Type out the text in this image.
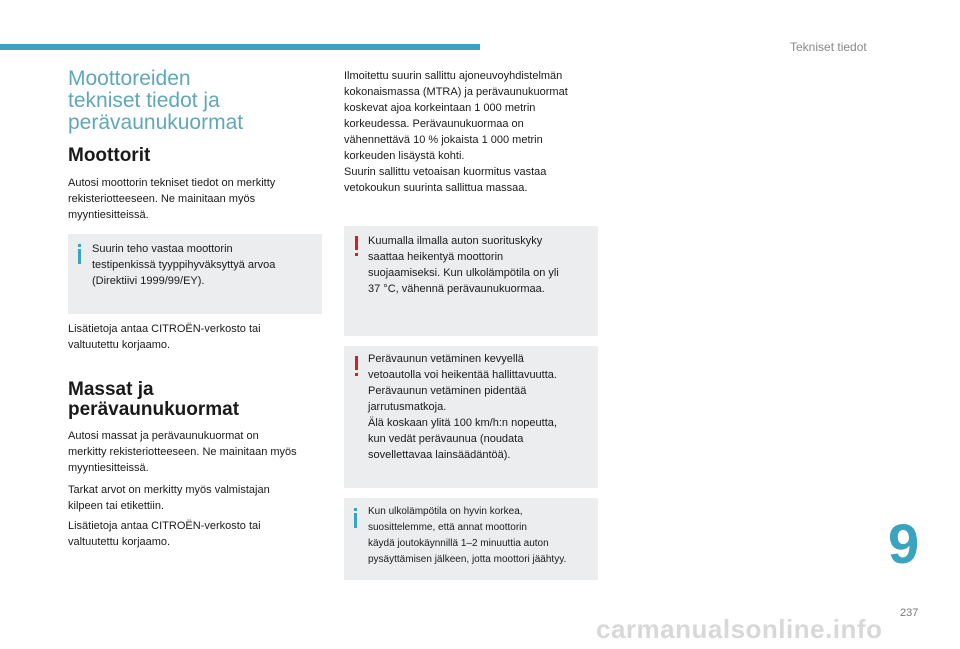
Tekniset tiedot
Moottoreiden
tekniset tiedot ja
perävaunukuormat
Moottorit

Autosi moottorin tekniset tiedot on merkitty
rekisteriotteeseen. Ne mainitaan myös
myyntiesitteissä.

Suurin teho vastaa moottorin
testipenkissä tyyppihyväksyttyä arvoa
(Direktiivi 1999/99/EY).

Lisätietoja antaa CITROËN-verkosto tai
valtuutettu korjaamo.

Massat ja
perävaunukuormat

Autosi massat ja perävaunukuormat on
merkitty rekisteriotteeseen. Ne mainitaan myös
myyntiesitteissä.

Tarkat arvot on merkitty myös valmistajan
kilpeen tai etikettiin.

Lisätietoja antaa CITROËN-verkosto tai
valtuutettu korjaamo.

Ilmoitettu suurin sallittu ajoneuvoyhdistelmän
kokonaismassa (MTRA) ja perävaunukuormat
koskevat ajoa korkeintaan 1 000 metrin
korkeudessa. Perävaunukuormaa on
vähennettävä 10 % jokaista 1 000 metrin
korkeuden lisäystä kohti.
Suurin sallittu vetoaisan kuormitus vastaa
vetokoukun suurinta sallittua massaa.

Kuumalla ilmalla auton suorituskyky
saattaa heikentyä moottorin
suojaamiseksi. Kun ulkolämpötila on yli
37 °C, vähennä perävaunukuormaa.

Perävaunun vetäminen kevyellä
vetoautolla voi heikentää hallittavuutta.
Perävaunun vetäminen pidentää
jarrutusmatkoja.
Älä koskaan ylitä 100 km/h:n nopeutta,
kun vedät perävaunua (noudata
sovellettavaa lainsäädäntöä).

Kun ulkolämpötila on hyvin korkea,
suosittelemme, että annat moottorin
käydä joutokäynnillä 1–2 minuuttia auton
pysäyttämisen jälkeen, jotta moottori jäähtyy.	9
237
carmanualsonline.info
